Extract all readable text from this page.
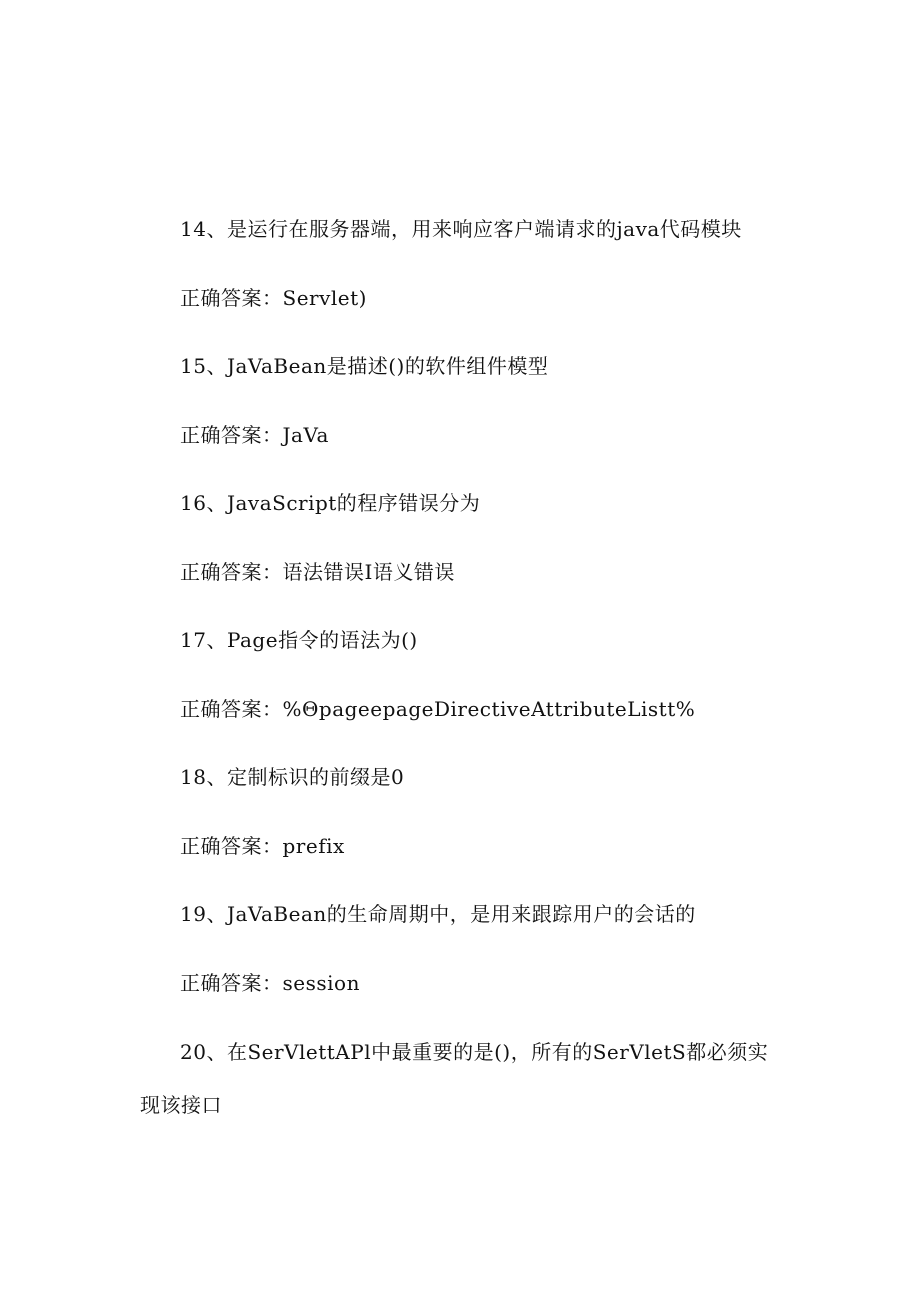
14、是运行在服务器端，用来响应客户端请求的java代码模块
正确答案：Servlet)
15、JaVaBean是描述()的软件组件模型
正确答案：JaVa
16、JavaScript的程序错误分为
正确答案：语法错误I语义错误
17、Page指令的语法为()
正确答案：%ΘpageepageDirectiveAttributeListt%
18、定制标识的前缀是0
正确答案：prefix
19、JaVaBean的生命周期中，是用来跟踪用户的会话的
正确答案：session
20、在SerVlettAPl中最重要的是()，所有的SerVletS都必须实
现该接口
